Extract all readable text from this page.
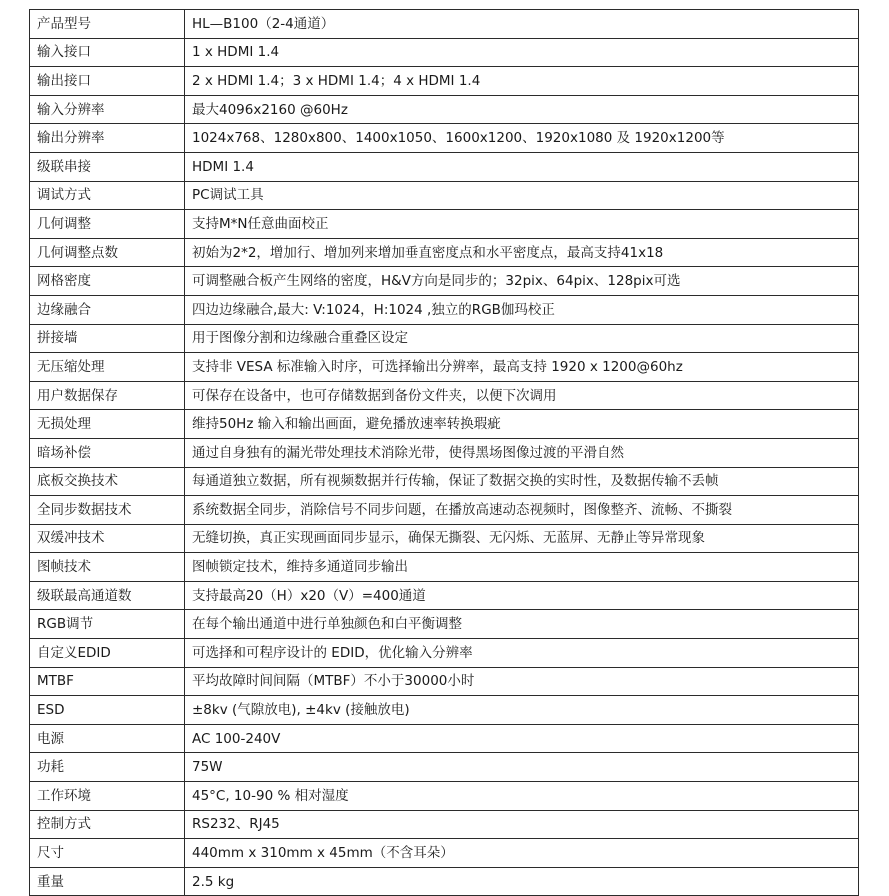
产品型号	HL—B100（2-4通道）
输入接口	1 x HDMI 1.4
输出接口	2 x HDMI 1.4；3 x HDMI 1.4；4 x HDMI 1.4
输入分辨率	最大4096x2160 @60Hz
输出分辨率	1024x768、1280x800、1400x1050、1600x1200、1920x1080 及 1920x1200等
级联串接	HDMI 1.4
调试方式	PC调试工具
几何调整	支持M*N任意曲面校正
几何调整点数	初始为2*2，增加行、增加列来增加垂直密度点和水平密度点，最高支持41x18
网格密度	可调整融合板产生网络的密度，H&V方向是同步的；32pix、64pix、128pix可选
边缘融合	四边边缘融合,最大: V:1024，H:1024 ,独立的RGB伽玛校正
拼接墙	用于图像分割和边缘融合重叠区设定
无压缩处理	支持非 VESA 标准输入时序，可选择输出分辨率，最高支持 1920 x 1200@60hz
用户数据保存	可保存在设备中，也可存储数据到备份文件夹，以便下次调用
无损处理	维持50Hz 输入和输出画面，避免播放速率转换瑕疵
暗场补偿	通过自身独有的漏光带处理技术消除光带，使得黑场图像过渡的平滑自然
底板交换技术	每通道独立数据，所有视频数据并行传输，保证了数据交换的实时性，及数据传输不丢帧
全同步数据技术	系统数据全同步，消除信号不同步问题，在播放高速动态视频时，图像整齐、流畅、不撕裂
双缓冲技术	无缝切换，真正实现画面同步显示，确保无撕裂、无闪烁、无蓝屏、无静止等异常现象
图帧技术	图帧锁定技术，维持多通道同步输出
级联最高通道数	支持最高20（H）x20（V）=400通道
RGB调节	在每个输出通道中进行单独颜色和白平衡调整
自定义EDID	可选择和可程序设计的 EDID，优化输入分辨率
MTBF	平均故障时间间隔（MTBF）不小于30000小时
ESD	±8kv (气隙放电), ±4kv (接触放电)
电源	AC 100-240V
功耗	75W
工作环境	45°C, 10-90 % 相对湿度
控制方式	RS232、RJ45
尺寸	440mm x 310mm x 45mm（不含耳朵）
重量	2.5 kg
